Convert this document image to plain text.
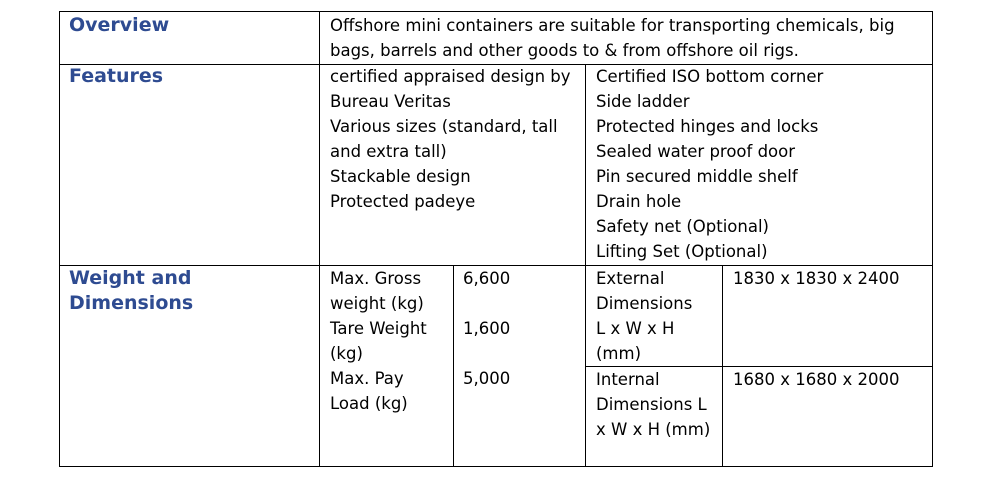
Overview	Offshore mini containers are suitable for transporting chemicals, big
bags, barrels and other goods to & from offshore oil rigs.
Features	certified appraised design by
Bureau Veritas
Various sizes (standard, tall
and extra tall)
Stackable design
Protected padeye
Certified ISO bottom corner
Side ladder
Protected hinges and locks
Sealed water proof door
Pin secured middle shelf
Drain hole
Safety net (Optional)
Lifting Set (Optional)
Weight and
Dimensions
Max. Gross
weight (kg)
6,600
Tare Weight
(kg)
1,600
Max. Pay
Load (kg)
5,000
External
Dimensions
L x W x H
(mm)
1830 x 1830 x 2400
Internal
Dimensions L
x W x H (mm)
1680 x 1680 x 2000
